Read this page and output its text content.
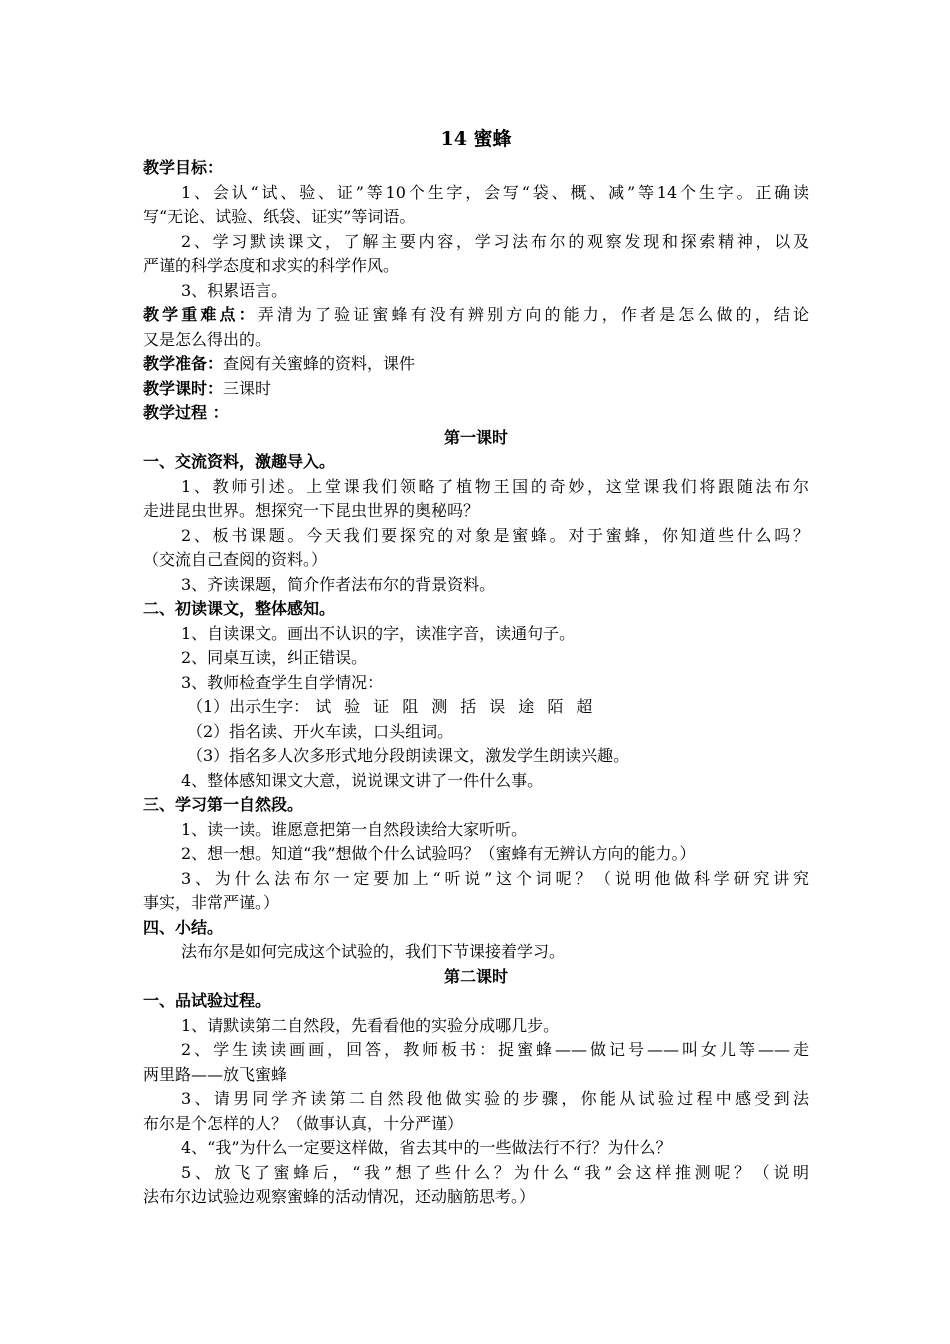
14 蜜蜂
教学目标：
1、会认“试、验、证”等10个生字，会写“袋、概、减”等14个生字。正确读
写“无论、试验、纸袋、证实”等词语。
2、学习默读课文，了解主要内容，学习法布尔的观察发现和探索精神，以及
严谨的科学态度和求实的科学作风。
3、积累语言。
教学重难点：弄清为了验证蜜蜂有没有辨别方向的能力，作者是怎么做的，结论
又是怎么得出的。
教学准备：查阅有关蜜蜂的资料，课件
教学课时：三课时
教学过程 ：
第一课时
一、交流资料，激趣导入。
1、教师引述。上堂课我们领略了植物王国的奇妙，这堂课我们将跟随法布尔
走进昆虫世界。想探究一下昆虫世界的奥秘吗？
2、板书课题。今天我们要探究的对象是蜜蜂。对于蜜蜂，你知道些什么吗？
（交流自己查阅的资料。）
3、齐读课题，简介作者法布尔的背景资料。
二、初读课文，整体感知。
1、自读课文。画出不认识的字，读准字音，读通句子。
2、同桌互读，纠正错误。
3、教师检查学生自学情况：
（1）出示生字： 试 验 证 阻 测 括 误 途 陌 超
（2）指名读、开火车读，口头组词。
（3）指名多人次多形式地分段朗读课文，激发学生朗读兴趣。
4、整体感知课文大意，说说课文讲了一件什么事。
三、学习第一自然段。
1、读一读。谁愿意把第一自然段读给大家听听。
2、想一想。知道“我”想做个什么试验吗？（蜜蜂有无辨认方向的能力。）
3、为什么法布尔一定要加上“听说”这个词呢？（说明他做科学研究讲究
事实，非常严谨。）
四、小结。
法布尔是如何完成这个试验的，我们下节课接着学习。
第二课时
一、品试验过程。
1、请默读第二自然段，先看看他的实验分成哪几步。
2、学生读读画画，回答，教师板书：捉蜜蜂——做记号——叫女儿等——走
两里路——放飞蜜蜂
3、请男同学齐读第二自然段他做实验的步骤，你能从试验过程中感受到法
布尔是个怎样的人？（做事认真，十分严谨）
4、“我”为什么一定要这样做，省去其中的一些做法行不行？为什么？
5、放飞了蜜蜂后，“我”想了些什么？为什么“我”会这样推测呢？（说明
法布尔边试验边观察蜜蜂的活动情况，还动脑筋思考。）
